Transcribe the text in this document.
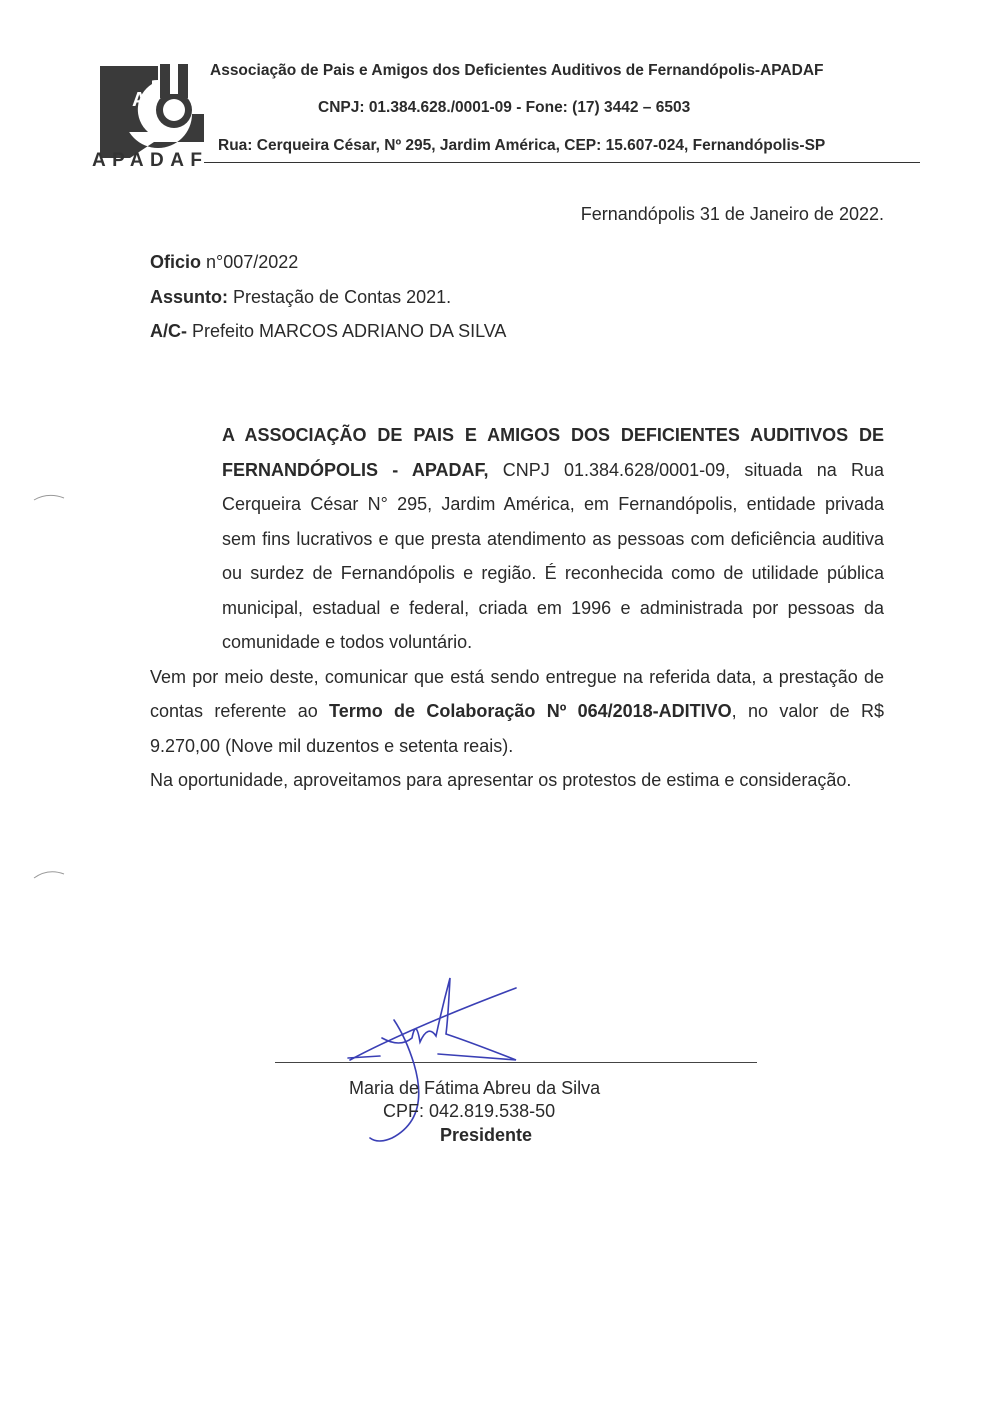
A
APADAF
Associação de Pais e Amigos dos Deficientes Auditivos de Fernandópolis-APADAF
CNPJ: 01.384.628./0001-09 - Fone: (17) 3442 – 6503
Rua: Cerqueira César, Nº 295, Jardim América, CEP: 15.607-024, Fernandópolis-SP
Fernandópolis 31 de Janeiro de 2022.
Oficio n°007/2022
Assunto: Prestação de Contas 2021.
A/C- Prefeito MARCOS ADRIANO DA SILVA

A ASSOCIAÇÃO DE PAIS E AMIGOS DOS DEFICIENTES AUDITIVOS DE FERNANDÓPOLIS - APADAF, CNPJ 01.384.628/0001-09, situada na Rua Cerqueira César N° 295, Jardim América, em Fernandópolis, entidade privada sem fins lucrativos e que presta atendimento as pessoas com deficiência auditiva ou surdez de Fernandópolis e região. É reconhecida como de utilidade pública municipal, estadual e federal, criada em 1996 e administrada por pessoas da comunidade e todos voluntário.

Vem por meio deste, comunicar que está sendo entregue na referida data, a prestação de contas referente ao Termo de Colaboração Nº 064/2018-ADITIVO, no valor de R$ 9.270,00 (Nove mil duzentos e setenta reais).

Na oportunidade, aproveitamos para apresentar os protestos de estima e consideração.

Maria de Fátima Abreu da Silva
CPF: 042.819.538-50
Presidente
